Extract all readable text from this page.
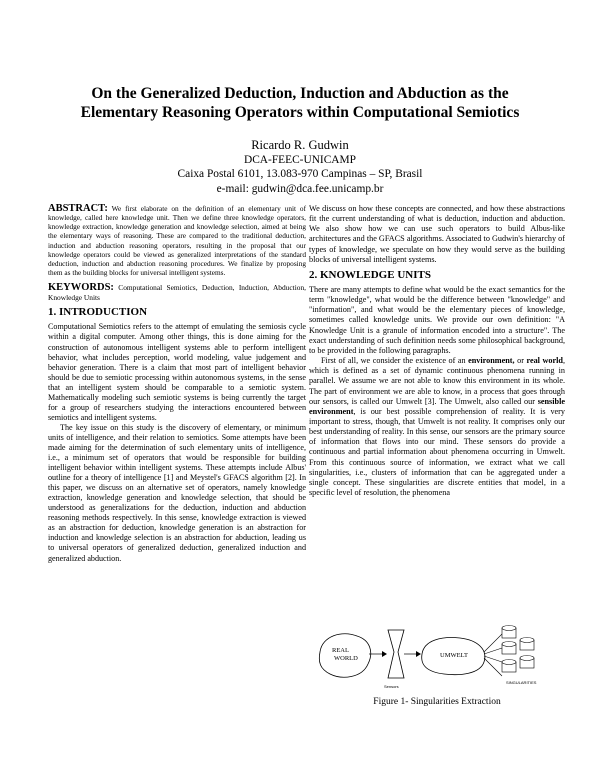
On the Generalized Deduction, Induction and Abduction as the
Elementary Reasoning Operators within Computational Semiotics
Ricardo R. Gudwin
DCA-FEEC-UNICAMP
Caixa Postal 6101, 13.083-970 Campinas – SP, Brasil
e-mail: gudwin@dca.fee.unicamp.br

ABSTRACT: We first elaborate on the definition of an elementary unit of knowledge, called here knowledge unit. Then we define three knowledge operators, knowledge extraction, knowledge generation and knowledge selection, aimed at being the elementary ways of reasoning. These are compared to the traditional deduction, induction and abduction reasoning operators, resulting in the proposal that our knowledge operators could be viewed as generalized interpretations of the standard deduction, induction and abduction reasoning procedures. We finalize by proposing them as the building blocks for universal intelligent systems.

KEYWORDS: Computational Semiotics, Deduction, Induction, Abduction, Knowledge Units

1. INTRODUCTION

Computational Semiotics refers to the attempt of emulating the semiosis cycle within a digital computer. Among other things, this is done aiming for the construction of autonomous intelligent systems able to perform intelligent behavior, what includes perception, world modeling, value judgement and behavior generation. There is a claim that most part of intelligent behavior should be due to semiotic processing within autonomous systems, in the sense that an intelligent system should be comparable to a semiotic system. Mathematically modeling such semiotic systems is being currently the target for a group of researchers studying the interactions encountered between semiotics and intelligent systems.

The key issue on this study is the discovery of elementary, or minimum units of intelligence, and their relation to semiotics. Some attempts have been made aiming for the determination of such elementary units of intelligence, i.e., a minimum set of operators that would be responsible for building intelligent behavior within intelligent systems. These attempts include Albus' outline for a theory of intelligence [1] and Meystel's GFACS algorithm [2]. In this paper, we discuss on an alternative set of operators, namely knowledge extraction, knowledge generation and knowledge selection, that should be understood as generalizations for the deduction, induction and abduction reasoning methods respectively. In this sense, knowledge extraction is viewed as an abstraction for deduction, knowledge generation is an abstraction for induction and knowledge selection is an abstraction for abduction, leading us to universal operators of generalized deduction, generalized induction and generalized abduction.

We discuss on how these concepts are connected, and how these abstractions fit the current understanding of what is deduction, induction and abduction. We also show how we can use such operators to build Albus-like architectures and the GFACS algorithms. Associated to Gudwin's hierarchy of types of knowledge, we speculate on how they would serve as the building blocks of universal intelligent systems.

2. KNOWLEDGE UNITS

There are many attempts to define what would be the exact semantics for the term "knowledge", what would be the difference between "knowledge" and "information", and what would be the elementary pieces of knowledge, sometimes called knowledge units. We provide our own definition: "A Knowledge Unit is a granule of information encoded into a structure". The exact understanding of such definition needs some philosophical background, to be provided in the following paragraphs.

First of all, we consider the existence of an environment, or real world, which is defined as a set of dynamic continuous phenomena running in parallel. We assume we are not able to know this environment in its whole. The part of environment we are able to know, in a process that goes through our sensors, is called our Umwelt [3]. The Umwelt, also called our sensible environment, is our best possible comprehension of reality. It is very important to stress, though, that Umwelt is not reality. It comprises only our best understanding of reality. In this sense, our sensors are the primary source of information that flows into our mind. These sensors do provide a continuous and partial information about phenomena occurring in Umwelt. From this continuous source of information, we extract what we call singularities, i.e., clusters of information that can be aggregated under a single concept. These singularities are discrete entities that model, in a specific level of resolution, the phenomena

REAL
WORLD
Sensors
UMWELT
SINGULARITIES
Figure 1- Singularities Extraction
